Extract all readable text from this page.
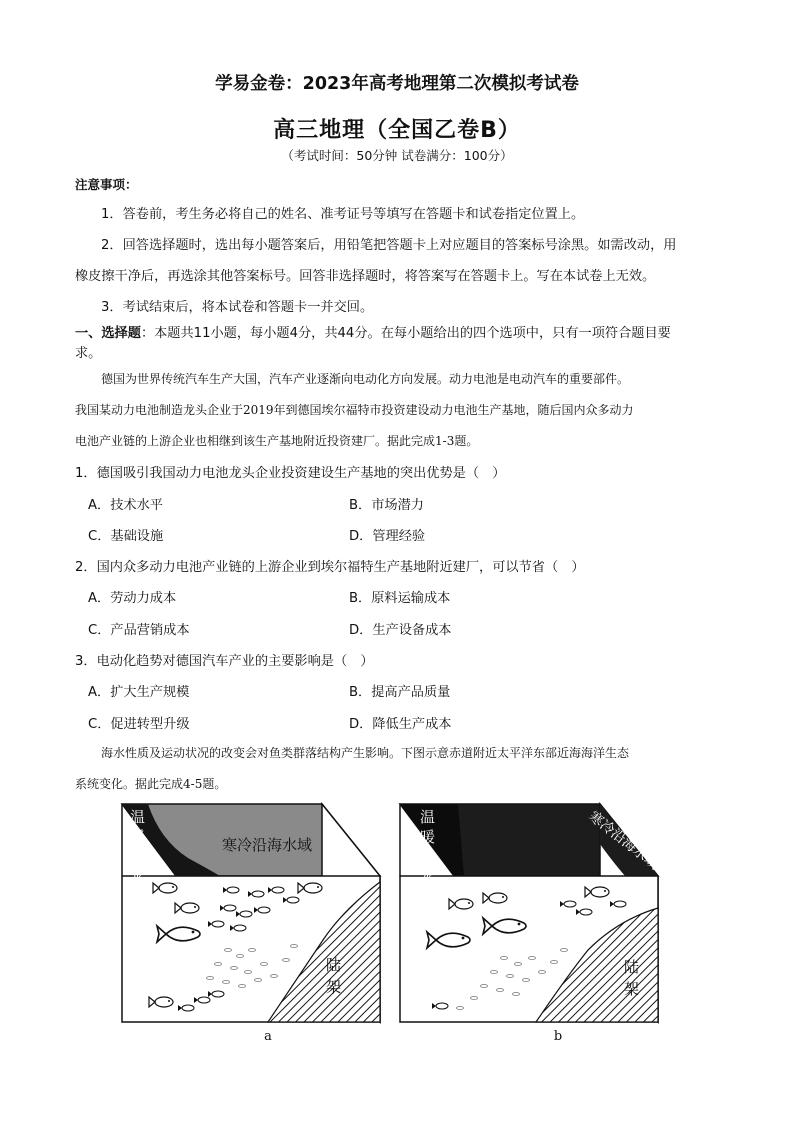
学易金卷：2023年高考地理第二次模拟考试卷
高三地理（全国乙卷B）
（考试时间：50分钟 试卷满分：100分）
注意事项：
1．答卷前，考生务必将自己的姓名、准考证号等填写在答题卡和试卷指定位置上。
2．回答选择题时，选出每小题答案后，用铅笔把答题卡上对应题目的答案标号涂黑。如需改动，用
橡皮擦干净后，再选涂其他答案标号。回答非选择题时，将答案写在答题卡上。写在本试卷上无效。
3．考试结束后，将本试卷和答题卡一并交回。
一、选择题：本题共11小题，每小题4分，共44分。在每小题给出的四个选项中，只有一项符合题目要
求。
德国为世界传统汽车生产大国，汽车产业逐渐向电动化方向发展。动力电池是电动汽车的重要部件。
我国某动力电池制造龙头企业于2019年到德国埃尔福特市投资建设动力电池生产基地，随后国内众多动力
电池产业链的上游企业也相继到该生产基地附近投资建厂。据此完成1-3题。
1．德国吸引我国动力电池龙头企业投资建设生产基地的突出优势是（　）
A．技术水平	B．市场潜力
C．基础设施	D．管理经验
2．国内众多动力电池产业链的上游企业到埃尔福特生产基地附近建厂，可以节省（　）
A．劳动力成本	B．原料运输成本
C．产品营销成本	D．生产设备成本
3．电动化趋势对德国汽车产业的主要影响是（　）
A．扩大生产规模	B．提高产品质量
C．促进转型升级	D．降低生产成本
海水性质及运动状况的改变会对鱼类群落结构产生影响。下图示意赤道附近太平洋东部近海海洋生态
系统变化。据此完成4-5题。
温
暖
海
水
寒冷沿海水域
陆
架
温
暖
海
水
寒冷沿海水域
陆
架
a	b
